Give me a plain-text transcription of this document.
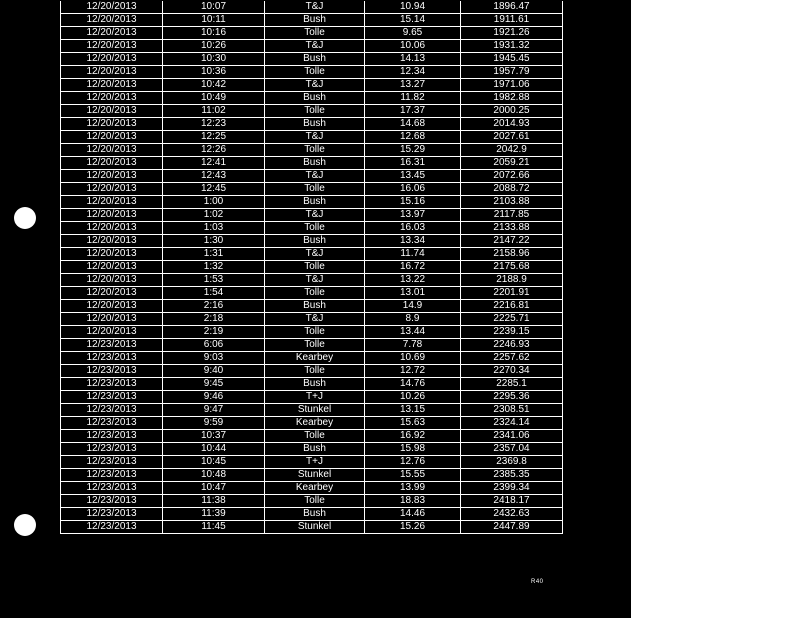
12/20/2013	10:07	T&J	10.94	1896.47
12/20/2013	10:11	Bush	15.14	1911.61
12/20/2013	10:16	Tolle	9.65	1921.26
12/20/2013	10:26	T&J	10.06	1931.32
12/20/2013	10:30	Bush	14.13	1945.45
12/20/2013	10:36	Tolle	12.34	1957.79
12/20/2013	10:42	T&J	13.27	1971.06
12/20/2013	10:49	Bush	11.82	1982.88
12/20/2013	11:02	Tolle	17.37	2000.25
12/20/2013	12:23	Bush	14.68	2014.93
12/20/2013	12:25	T&J	12.68	2027.61
12/20/2013	12:26	Tolle	15.29	2042.9
12/20/2013	12:41	Bush	16.31	2059.21
12/20/2013	12:43	T&J	13.45	2072.66
12/20/2013	12:45	Tolle	16.06	2088.72
12/20/2013	1:00	Bush	15.16	2103.88
12/20/2013	1:02	T&J	13.97	2117.85
12/20/2013	1:03	Tolle	16.03	2133.88
12/20/2013	1:30	Bush	13.34	2147.22
12/20/2013	1:31	T&J	11.74	2158.96
12/20/2013	1:32	Tolle	16.72	2175.68
12/20/2013	1:53	T&J	13.22	2188.9
12/20/2013	1:54	Tolle	13.01	2201.91
12/20/2013	2:16	Bush	14.9	2216.81
12/20/2013	2:18	T&J	8.9	2225.71
12/20/2013	2:19	Tolle	13.44	2239.15
12/23/2013	6:06	Tolle	7.78	2246.93
12/23/2013	9:03	Kearbey	10.69	2257.62
12/23/2013	9:40	Tolle	12.72	2270.34
12/23/2013	9:45	Bush	14.76	2285.1
12/23/2013	9:46	T+J	10.26	2295.36
12/23/2013	9:47	Stunkel	13.15	2308.51
12/23/2013	9:59	Kearbey	15.63	2324.14
12/23/2013	10:37	Tolle	16.92	2341.06
12/23/2013	10:44	Bush	15.98	2357.04
12/23/2013	10:45	T+J	12.76	2369.8
12/23/2013	10:48	Stunkel	15.55	2385.35
12/23/2013	10:47	Kearbey	13.99	2399.34
12/23/2013	11:38	Tolle	18.83	2418.17
12/23/2013	11:39	Bush	14.46	2432.63
12/23/2013	11:45	Stunkel	15.26	2447.89
R40
